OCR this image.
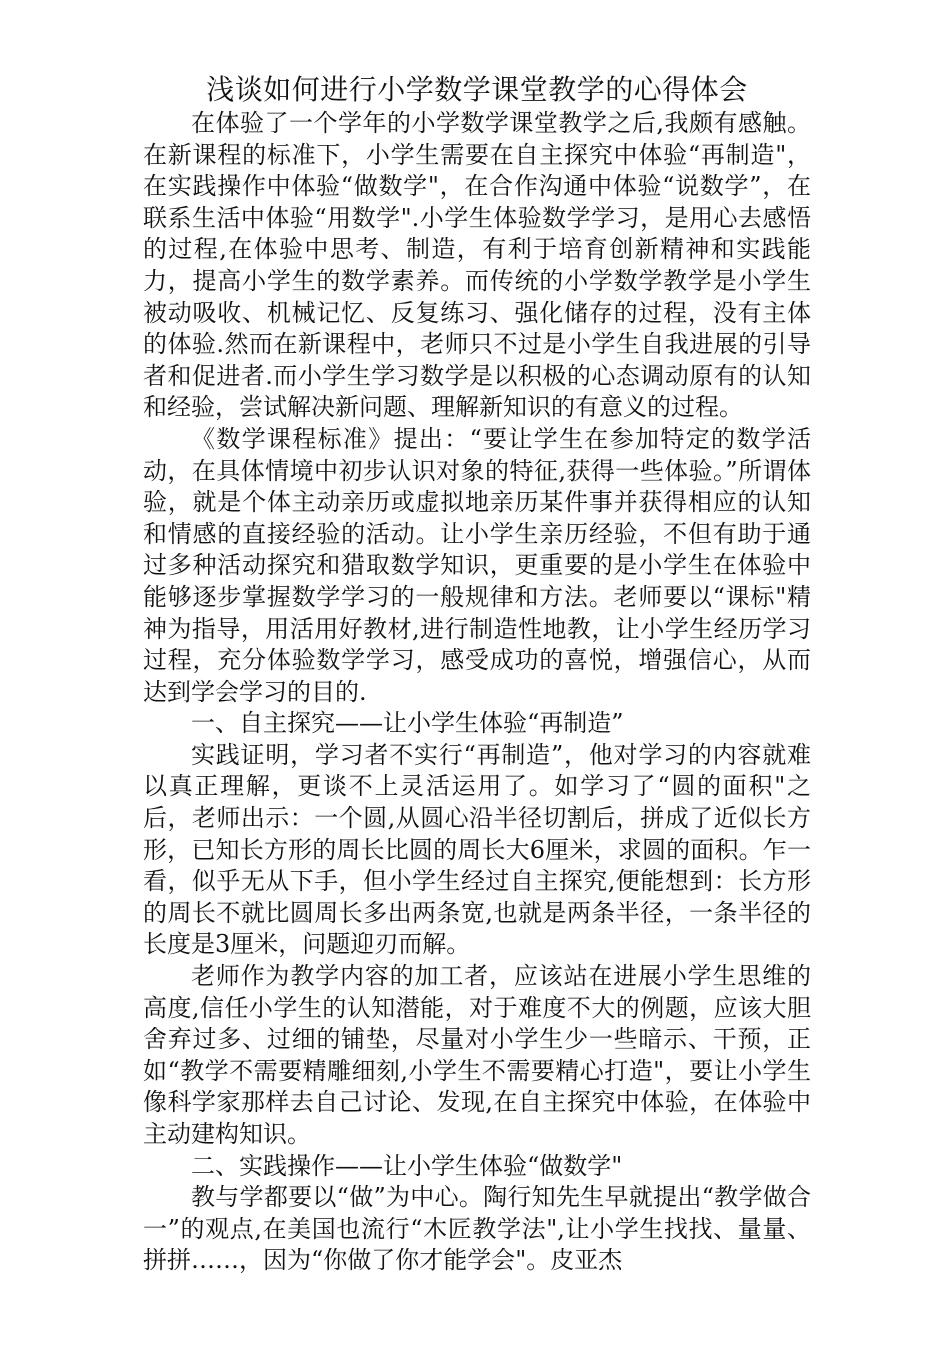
浅谈如何进行小学数学课堂教学的心得体会

在体验了一个学年的小学数学课堂教学之后,我颇有感触。在新课程的标准下，小学生需要在自主探究中体验“再制造"，在实践操作中体验“做数学"，在合作沟通中体验“说数学”，在联系生活中体验“用数学".小学生体验数学学习，是用心去感悟的过程,在体验中思考、制造，有利于培育创新精神和实践能力，提高小学生的数学素养。而传统的小学数学教学是小学生被动吸收、机械记忆、反复练习、强化储存的过程，没有主体的体验.然而在新课程中，老师只不过是小学生自我进展的引导者和促进者.而小学生学习数学是以积极的心态调动原有的认知和经验，尝试解决新问题、理解新知识的有意义的过程。

《数学课程标准》提出：“要让学生在参加特定的数学活动，在具体情境中初步认识对象的特征,获得一些体验。”所谓体验，就是个体主动亲历或虚拟地亲历某件事并获得相应的认知和情感的直接经验的活动。让小学生亲历经验，不但有助于通过多种活动探究和猎取数学知识，更重要的是小学生在体验中能够逐步掌握数学学习的一般规律和方法。老师要以“课标"精神为指导，用活用好教材,进行制造性地教，让小学生经历学习过程，充分体验数学学习，感受成功的喜悦，增强信心，从而达到学会学习的目的.

一、自主探究——让小学生体验“再制造”

实践证明，学习者不实行“再制造”，他对学习的内容就难以真正理解，更谈不上灵活运用了。如学习了“圆的面积"之后，老师出示：一个圆,从圆心沿半径切割后，拼成了近似长方形，已知长方形的周长比圆的周长大6厘米，求圆的面积。乍一看，似乎无从下手，但小学生经过自主探究,便能想到：长方形的周长不就比圆周长多出两条宽,也就是两条半径，一条半径的长度是3厘米，问题迎刃而解。

老师作为教学内容的加工者，应该站在进展小学生思维的高度,信任小学生的认知潜能，对于难度不大的例题，应该大胆舍弃过多、过细的铺垫，尽量对小学生少一些暗示、干预，正如“教学不需要精雕细刻,小学生不需要精心打造"，要让小学生像科学家那样去自己讨论、发现,在自主探究中体验，在体验中主动建构知识。

二、实践操作——让小学生体验“做数学"

教与学都要以“做”为中心。陶行知先生早就提出“教学做合一”的观点,在美国也流行“木匠教学法",让小学生找找、量量、拼拼……，因为“你做了你才能学会"。皮亚杰
